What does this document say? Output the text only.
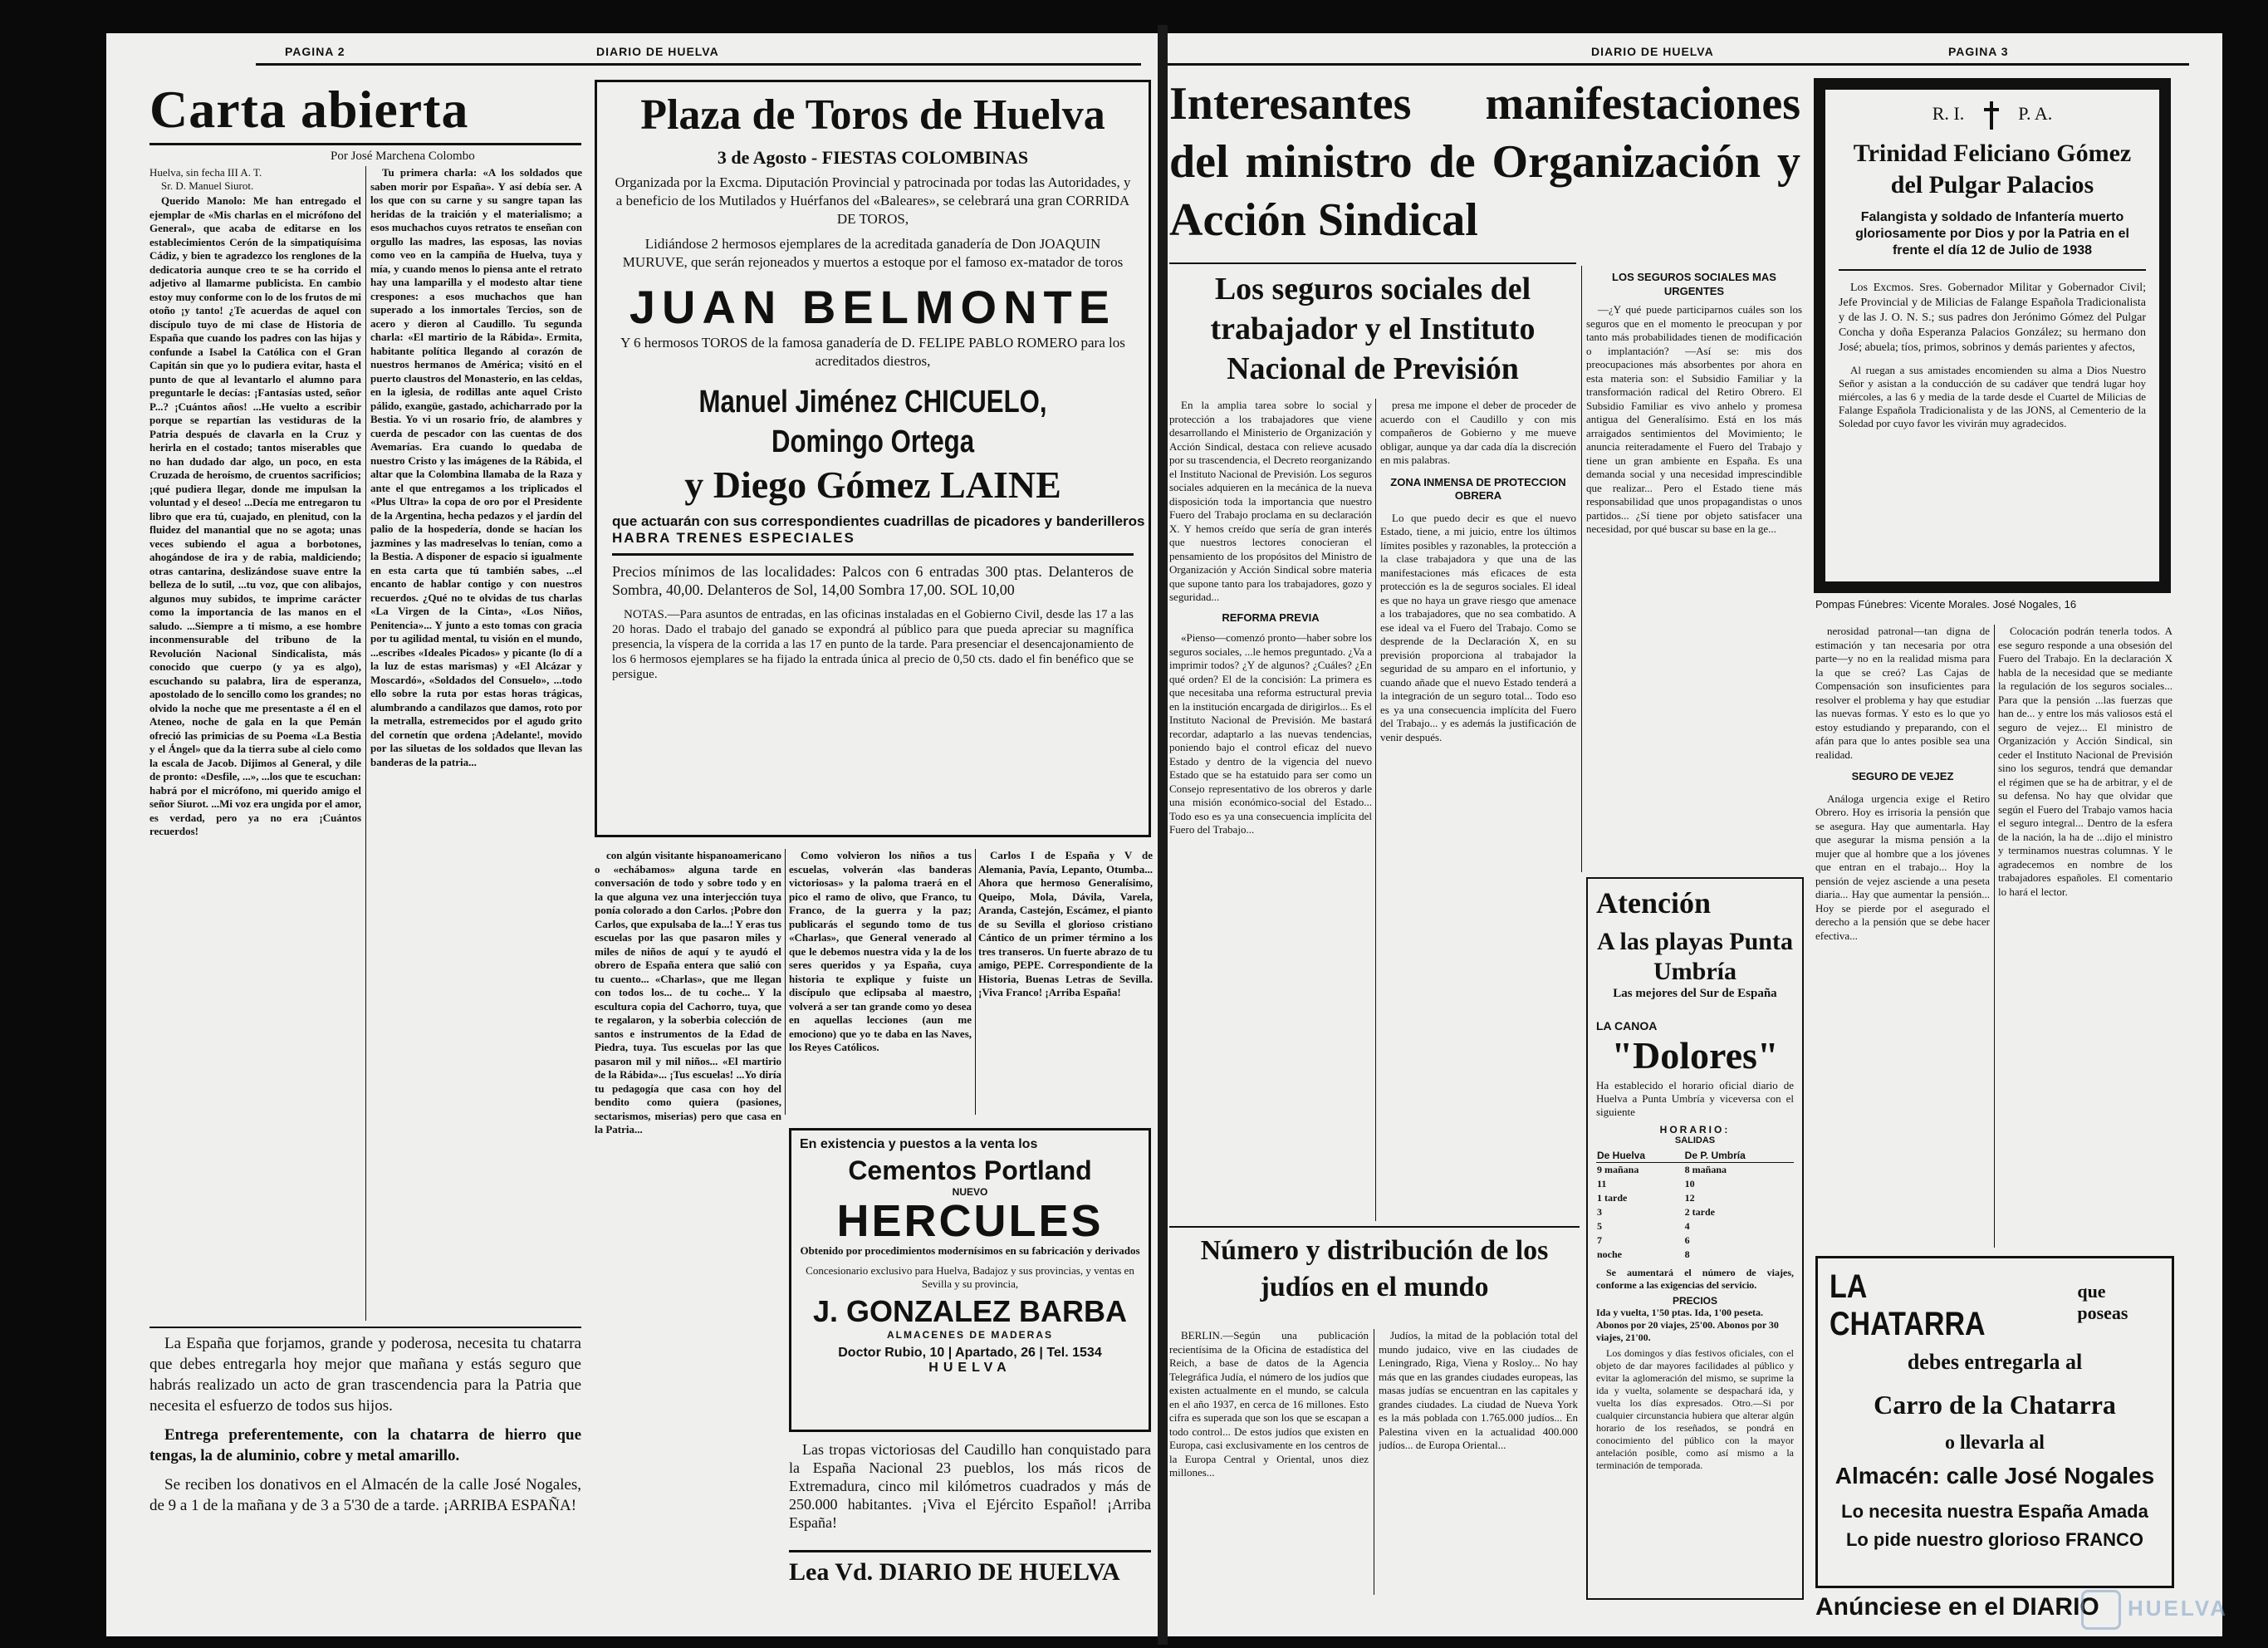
PAGINA 2	DIARIO DE HUELVA
Carta abierta
Por José Marchena Colombo
Huelva, sin fecha III A. T.
Sr. D. Manuel Siurot.

Querido Manolo: Me han entregado el ejemplar de «Mis charlas en el micrófono del General», que acaba de editarse en los establecimientos Cerón de la simpatiquísima Cádiz, y bien te agradezco los renglones de la dedicatoria aunque creo te se ha corrido el adjetivo al llamarme publicista. En cambio estoy muy conforme con lo de los frutos de mi otoño ¡y tanto! ¿Te acuerdas de aquel con discípulo tuyo de mi clase de Historia de España que cuando los padres con las hijas y confunde a Isabel la Católica con el Gran Capitán sin que yo lo pudiera evitar, hasta el punto de que al levantarlo el alumno para preguntarle le decías: ¡Fantasías usted, señor P...? ¡Cuántos años! ...He vuelto a escribir porque se repartían las vestiduras de la Patria después de clavarla en la Cruz y herirla en el costado; tantos miserables que no han dudado dar algo, un poco, en esta Cruzada de heroísmo, de cruentos sacrificios; ¡qué pudiera llegar, donde me impulsan la voluntad y el deseo! ...Decía me entregaron tu libro que era tú, cuajado, en plenitud, con la fluidez del manantial que no se agota; unas veces subiendo el agua a borbotones, ahogándose de ira y de rabia, maldiciendo; otras cantarina, deslizándose suave entre la belleza de lo sutil, ...tu voz, que con alibajos, algunos muy subidos, te imprime carácter como la importancia de las manos en el saludo. ...Siempre a ti mismo, a ese hombre inconmensurable del tribuno de la Revolución Nacional Sindicalista, más conocido que cuerpo (y ya es algo), escuchando su palabra, lira de esperanza, apostolado de lo sencillo como los grandes; no olvido la noche que me presentaste a él en el Ateneo, noche de gala en la que Pemán ofreció las primicias de su Poema «La Bestia y el Ángel» que da la tierra sube al cielo como la escala de Jacob. Dijimos al General, y dile de pronto: «Desfile, ...», ...los que te escuchan: habrá por el micrófono, mi querido amigo el señor Siurot. ...Mi voz era ungida por el amor, es verdad, pero ya no era ¡Cuántos recuerdos!

Tu primera charla: «A los soldados que saben morir por España». Y así debía ser. A los que con su carne y su sangre tapan las heridas de la traición y el materialismo; a esos muchachos cuyos retratos te enseñan con orgullo las madres, las esposas, las novias como veo en la campiña de Huelva, tuya y mía, y cuando menos lo piensa ante el retrato hay una lamparilla y el modesto altar tiene crespones: a esos muchachos que han superado a los inmortales Tercios, son de acero y dieron al Caudillo. Tu segunda charla: «El martirio de la Rábida». Ermita, habitante política llegando al corazón de nuestros hermanos de América; visitó en el puerto claustros del Monasterio, en las celdas, en la iglesia, de rodillas ante aquel Cristo pálido, exangüe, gastado, achicharrado por la Bestia. Yo vi un rosario frío, de alambres y cuerda de pescador con las cuentas de dos Avemarías. Era cuando lo quedaba de nuestro Cristo y las imágenes de la Rábida, el altar que la Colombina llamaba de la Raza y ante el que entregamos a los triplicados el «Plus Ultra» la copa de oro por el Presidente de la Argentina, hecha pedazos y el jardín del palio de la hospedería, donde se hacían los jazmines y las madreselvas lo tenían, como a la Bestia. A disponer de espacio si igualmente en esta carta que tú también sabes, ...el encanto de hablar contigo y con nuestros recuerdos. ¿Qué no te olvidas de tus charlas «La Virgen de la Cinta», «Los Niños, Penitencia»... Y junto a esto tomas con gracia por tu agilidad mental, tu visión en el mundo, ...escribes «Ideales Picados» y picante (lo dí a la luz de estas marismas) y «El Alcázar y Moscardó», «Soldados del Consuelo», ...todo ello sobre la ruta por estas horas trágicas, alumbrando a candilazos que damos, roto por la metralla, estremecidos por el agudo grito del cornetín que ordena ¡Adelante!, movido por las siluetas de los soldados que llevan las banderas de la patria...

La España que forjamos, grande y poderosa, necesita tu chatarra que debes entregarla hoy mejor que mañana y estás seguro que habrás realizado un acto de gran trascendencia para la Patria que necesita el esfuerzo de todos sus hijos.

Entrega preferentemente, con la chatarra de hierro que tengas, la de aluminio, cobre y metal amarillo.

Se reciben los donativos en el Almacén de la calle José Nogales, de 9 a 1 de la mañana y de 3 a 5'30 de a tarde. ¡ARRIBA ESPAÑA!

Plaza de Toros de Huelva
3 de Agosto - FIESTAS COLOMBINAS
Organizada por la Excma. Diputación Provincial y patrocinada por todas las Autoridades, y a beneficio de los Mutilados y Huérfanos del «Baleares», se celebrará una gran CORRIDA DE TOROS,
Lidiándose 2 hermosos ejemplares de la acreditada ganadería de Don JOAQUIN MURUVE, que serán rejoneados y muertos a estoque por el famoso ex-matador de toros
JUAN BELMONTE
Y 6 hermosos TOROS de la famosa ganadería de D. FELIPE PABLO ROMERO para los acreditados diestros,
Manuel Jiménez CHICUELO, Domingo Ortega
y Diego Gómez LAINE
que actuarán con sus correspondientes cuadrillas de picadores y banderilleros
HABRA TRENES ESPECIALES
Precios mínimos de las localidades: Palcos con 6 entradas 300 ptas. Delanteros de Sombra, 40,00. Delanteros de Sol, 14,00 Sombra 17,00. SOL 10,00
NOTAS.—Para asuntos de entradas, en las oficinas instaladas en el Gobierno Civil, desde las 17 a las 20 horas. Dado el trabajo del ganado se expondrá al público para que pueda apreciar su magnífica presencia, la víspera de la corrida a las 17 en punto de la tarde. Para presenciar el desencajonamiento de los 6 hermosos ejemplares se ha fijado la entrada única al precio de 0,50 cts. dado el fin benéfico que se persigue.

con algún visitante hispanoamericano o «echábamos» alguna tarde en conversación de todo y sobre todo y en la que alguna vez una interjección tuya ponía colorado a don Carlos. ¡Pobre don Carlos, que expulsaba de la...! Y eras tus escuelas por las que pasaron miles y miles de niños de aquí y te ayudó el obrero de España entera que salió con tu cuento... «Charlas», que me llegan con todos los... de tu coche... Y la escultura copia del Cachorro, tuya, que te regalaron, y la soberbia colección de santos e instrumentos de la Edad de Piedra, tuya. Tus escuelas por las que pasaron mil y mil niños... «El martirio de la Rábida»... ¡Tus escuelas! ...Yo diría tu pedagogía que casa con hoy del bendito como quiera (pasiones, sectarismos, miserias) pero que casa en la Patria...

Como volvieron los niños a tus escuelas, volverán «las banderas victoriosas» y la paloma traerá en el pico el ramo de olivo, que Franco, tu Franco, de la guerra y la paz; publicarás el segundo tomo de tus «Charlas», que General venerado al que le debemos nuestra vida y la de los seres queridos y ya España, cuya historia te explique y fuiste un discípulo que eclipsaba al maestro, volverá a ser tan grande como yo desea en aquellas lecciones (aun me emociono) que yo te daba en las Naves, los Reyes Católicos.

Carlos I de España y V de Alemania, Pavía, Lepanto, Otumba... Ahora que hermoso Generalísimo, Queipo, Mola, Dávila, Varela, Aranda, Castejón, Escámez, el pianto de su Sevilla el glorioso cristiano Cántico de un primer término a los tres transeros. Un fuerte abrazo de tu amigo, PEPE. Correspondiente de la Historia, Buenas Letras de Sevilla. ¡Viva Franco! ¡Arriba España!

En existencia y puestos a la venta los
Cementos Portland
NUEVO
HERCULES
Obtenido por procedimientos modernísimos en su fabricación y derivados
Concesionario exclusivo para Huelva, Badajoz y sus provincias, y ventas en Sevilla y su provincia,
J. GONZALEZ BARBA
ALMACENES DE MADERAS
Doctor Rubio, 10 | Apartado, 26 | Tel. 1534
HUELVA
Las tropas victoriosas del Caudillo han conquistado para la España Nacional 23 pueblos, los más ricos de Extremadura, cinco mil kilómetros cuadrados y más de 250.000 habitantes. ¡Viva el Ejército Español! ¡Arriba España!
Lea Vd. DIARIO DE HUELVA
DIARIO DE HUELVA	PAGINA 3
Interesantes manifestaciones del ministro de Organización y Acción Sindical
Los seguros sociales del trabajador y el Instituto Nacional de Previsión

En la amplia tarea sobre lo social y protección a los trabajadores que viene desarrollando el Ministerio de Organización y Acción Sindical, destaca con relieve acusado por su trascendencia, el Decreto reorganizando el Instituto Nacional de Previsión. Los seguros sociales adquieren en la mecánica de la nueva disposición toda la importancia que nuestro Fuero del Trabajo proclama en su declaración X. Y hemos creído que sería de gran interés que nuestros lectores conocieran el pensamiento de los propósitos del Ministro de Organización y Acción Sindical sobre materia que supone tanto para los trabajadores, gozo y seguridad...

REFORMA PREVIA

«Pienso—comenzó pronto—haber sobre los seguros sociales, ...le hemos preguntado. ¿Va a imprimir todos? ¿Y de algunos? ¿Cuáles? ¿En qué orden? El de la concisión: La primera es que necesitaba una reforma estructural previa en la institución encargada de dirigirlos... Es el Instituto Nacional de Previsión. Me bastará recordar, adaptarlo a las nuevas tendencias, poniendo bajo el control eficaz del nuevo Estado y dentro de la vigencia del nuevo Estado que se ha estatuido para ser como un Consejo representativo de los obreros y darle una misión económico-social del Estado... Todo eso es ya una consecuencia implícita del Fuero del Trabajo...

presa me impone el deber de proceder de acuerdo con el Caudillo y con mis compañeros de Gobierno y me mueve obligar, aunque ya dar cada día la discreción en mis palabras.

ZONA INMENSA DE PROTECCION OBRERA

Lo que puedo decir es que el nuevo Estado, tiene, a mi juicio, entre los últimos límites posibles y razonables, la protección a la clase trabajadora y que una de las manifestaciones más eficaces de esta protección es la de seguros sociales. El ideal es que no haya un grave riesgo que amenace a los trabajadores, que no sea combatido. A ese ideal va el Fuero del Trabajo. Como se desprende de la Declaración X, en su previsión proporciona al trabajador la seguridad de su amparo en el infortunio, y cuando añade que el nuevo Estado tenderá a la integración de un seguro total... Todo eso es ya una consecuencia implícita del Fuero del Trabajo... y es además la justificación de venir después.

LOS SEGUROS SOCIALES MAS URGENTES

—¿Y qué puede participarnos cuáles son los seguros que en el momento le preocupan y por tanto más probabilidades tienen de modificación o implantación? —Así se: mis dos preocupaciones más absorbentes por ahora en esta materia son: el Subsidio Familiar y la transformación radical del Retiro Obrero. El Subsidio Familiar es vivo anhelo y promesa antigua del Generalísimo. Está en los más arraigados sentimientos del Movimiento; le anuncia reiteradamente el Fuero del Trabajo y tiene un gran ambiente en España. Es una demanda social y una necesidad imprescindible que realizar... Pero el Estado tiene más responsabilidad que unos propagandistas o unos partidos... ¿Sí tiene por objeto satisfacer una necesidad, por qué buscar su base en la ge...

R. I.	P. A.
Trinidad Feliciano Gómez del Pulgar Palacios
Falangista y soldado de Infantería muerto gloriosamente por Dios y por la Patria en el frente el día 12 de Julio de 1938
Los Excmos. Sres. Gobernador Militar y Gobernador Civil; Jefe Provincial y de Milicias de Falange Española Tradicionalista y de las J. O. N. S.; sus padres don Jerónimo Gómez del Pulgar Concha y doña Esperanza Palacios González; su hermano don José; abuela; tíos, primos, sobrinos y demás parientes y afectos,
Al ruegan a sus amistades encomienden su alma a Dios Nuestro Señor y asistan a la conducción de su cadáver que tendrá lugar hoy miércoles, a las 6 y media de la tarde desde el Cuartel de Milicias de Falange Española Tradicionalista y de las JONS, al Cementerio de la Soledad por cuyo favor les vivirán muy agradecidos.
Pompas Fúnebres: Vicente Morales. José Nogales, 16

nerosidad patronal—tan digna de estimación y tan necesaria por otra parte—y no en la realidad misma para la que se creó? Las Cajas de Compensación son insuficientes para resolver el problema y hay que estudiar las nuevas formas. Y esto es lo que yo estoy estudiando y preparando, con el afán para que lo antes posible sea una realidad.

SEGURO DE VEJEZ

Análoga urgencia exige el Retiro Obrero. Hoy es irrisoria la pensión que se asegura. Hay que aumentarla. Hay que asegurar la misma pensión a la mujer que al hombre que a los jóvenes que entran en el trabajo... Hoy la pensión de vejez asciende a una peseta diaria... Hay que aumentar la pensión... Hoy se pierde por el asegurado el derecho a la pensión que se debe hacer efectiva...

Colocación podrán tenerla todos. A ese seguro responde a una obsesión del Fuero del Trabajo. En la declaración X habla de la necesidad que se mediante la regulación de los seguros sociales... Para que la pensión ...las fuerzas que han de... y entre los más valiosos está el seguro de vejez... El ministro de Organización y Acción Sindical, sin ceder el Instituto Nacional de Previsión sino los seguros, tendrá que demandar el régimen que se ha de arbitrar, y el de su defensa. No hay que olvidar que según el Fuero del Trabajo vamos hacia el seguro integral... Dentro de la esfera de la nación, la ha de ...dijo el ministro y terminamos nuestras columnas. Y le agradecemos en nombre de los trabajadores españoles. El comentario lo hará el lector.

Atención
A las playas Punta Umbría
Las mejores del Sur de España
LA CANOA
"Dolores"
Ha establecido el horario oficial diario de Huelva a Punta Umbría y viceversa con el siguiente
HORARIO:
SALIDAS
De Huelva	De P. Umbría
9 mañana	8 mañana
11	10
1 tarde	12
3	2 tarde
5	4
7	6
noche	8
Se aumentará el número de viajes, conforme a las exigencias del servicio.
PRECIOS
Ida y vuelta, 1'50 ptas. Ida, 1'00 peseta. Abonos por 20 viajes, 25'00. Abonos por 30 viajes, 21'00.
Los domingos y días festivos oficiales, con el objeto de dar mayores facilidades al público y evitar la aglomeración del mismo, se suprime la ida y vuelta, solamente se despachará ida, y vuelta los días expresados. Otro.—Si por cualquier circunstancia hubiera que alterar algún horario de los reseñados, se pondrá en conocimiento del público con la mayor antelación posible, como así mismo a la terminación de temporada.
Número y distribución de los judíos en el mundo

BERLIN.—Según una publicación recientísima de la Oficina de estadística del Reich, a base de datos de la Agencia Telegráfica Judía, el número de los judíos que existen actualmente en el mundo, se calcula en el año 1937, en cerca de 16 millones. Esto cifra es superada que son los que se escapan a todo control... De estos judíos que existen en Europa, casi exclusivamente en los centros de la Europa Central y Oriental, unos diez millones...

Judíos, la mitad de la población total del mundo judaico, vive en las ciudades de Leningrado, Riga, Viena y Rosloy... No hay más que en las grandes ciudades europeas, las masas judías se encuentran en las capitales y grandes ciudades. La ciudad de Nueva York es la más poblada con 1.765.000 judíos... En Palestina viven en la actualidad 400.000 judíos... de Europa Oriental...

LA CHATARRA
que poseas
debes entregarla al
Carro de la Chatarra
o llevarla al
Almacén: calle José Nogales
Lo necesita nuestra España Amada
Lo pide nuestro glorioso FRANCO
Anúnciese en el DIARIO	HUELVA
